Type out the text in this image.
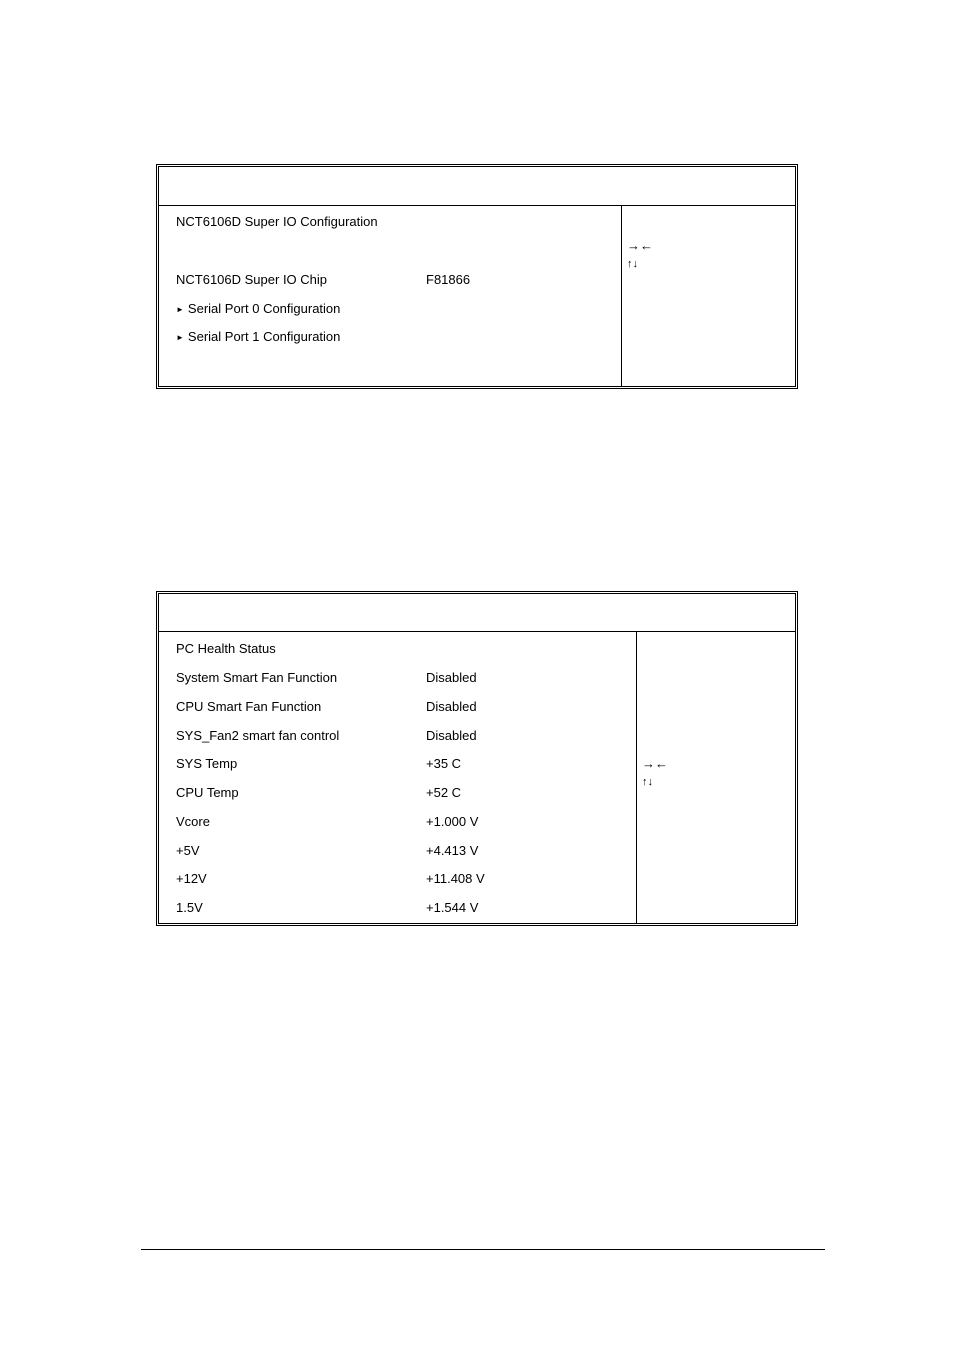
NCT6106D Super IO Configuration
NCT6106D Super IO Chip	F81866
► Serial Port 0 Configuration
► Serial Port 1 Configuration
→←
↑↓
PC Health Status
System Smart Fan Function	Disabled
CPU Smart Fan Function	Disabled
SYS_Fan2 smart fan control	Disabled
SYS Temp	+35 C
CPU Temp	+52 C
Vcore	+1.000 V
+5V	+4.413 V
+12V	+11.408 V
1.5V	+1.544 V
→←
↑↓
